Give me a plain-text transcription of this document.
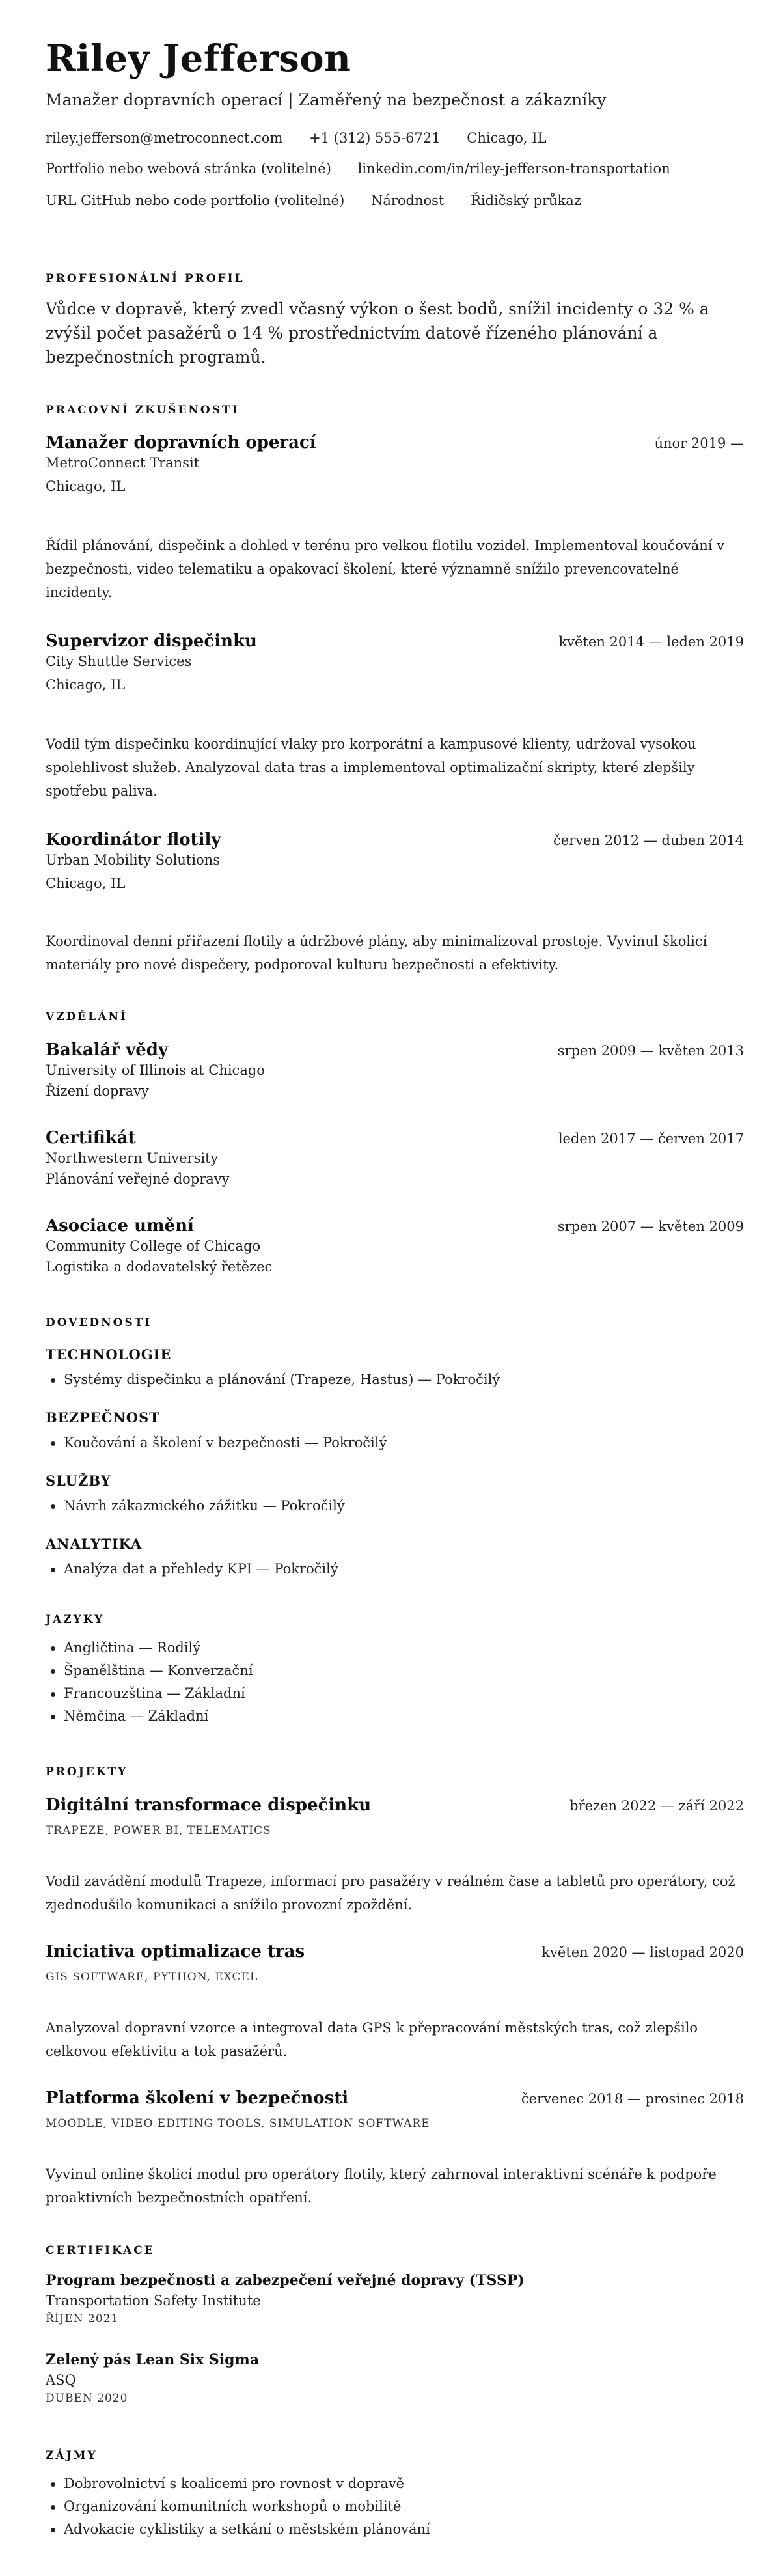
Riley Jefferson
Manažer dopravních operací | Zaměřený na bezpečnost a zákazníky
riley.jefferson@metroconnect.com +1 (312) 555-6721 Chicago, IL
Portfolio nebo webová stránka (volitelné) linkedin.com/in/riley-jefferson-transportation
URL GitHub nebo code portfolio (volitelné) Národnost Řidičský průkaz
PROFESIONÁLNÍ PROFIL

Vůdce v dopravě, který zvedl včasný výkon o šest bodů, snížil incidenty o 32 % a zvýšil počet pasažérů o 14 % prostřednictvím datově řízeného plánování a bezpečnostních programů.

PRACOVNÍ ZKUŠENOSTI
Manažer dopravních operací	únor 2019 —
MetroConnect Transit
Chicago, IL

Řídil plánování, dispečink a dohled v terénu pro velkou flotilu vozidel. Implementoval koučování v bezpečnosti, video telematiku a opakovací školení, které významně snížilo prevencovatelné incidenty.

Supervizor dispečinku	květen 2014 — leden 2019
City Shuttle Services
Chicago, IL

Vodil tým dispečinku koordinující vlaky pro korporátní a kampusové klienty, udržoval vysokou spolehlivost služeb. Analyzoval data tras a implementoval optimalizační skripty, které zlepšily spotřebu paliva.

Koordinátor flotily	červen 2012 — duben 2014
Urban Mobility Solutions
Chicago, IL

Koordinoval denní přiřazení flotily a údržbové plány, aby minimalizoval prostoje. Vyvinul školicí materiály pro nové dispečery, podporoval kulturu bezpečnosti a efektivity.

VZDĚLÁNÍ
Bakalář vědy	srpen 2009 — květen 2013
University of Illinois at Chicago
Řízení dopravy
Certifikát	leden 2017 — červen 2017
Northwestern University
Plánování veřejné dopravy
Asociace umění	srpen 2007 — květen 2009
Community College of Chicago
Logistika a dodavatelský řetězec
DOVEDNOSTI
TECHNOLOGIE
Systémy dispečinku a plánování (Trapeze, Hastus) — Pokročilý
BEZPEČNOST
Koučování a školení v bezpečnosti — Pokročilý
SLUŽBY
Návrh zákaznického zážitku — Pokročilý
ANALYTIKA
Analýza dat a přehledy KPI — Pokročilý
JAZYKY
Angličtina — Rodilý
Španělština — Konverzační
Francouzština — Základní
Němčina — Základní
PROJEKTY
Digitální transformace dispečinku	březen 2022 — září 2022
TRAPEZE, POWER BI, TELEMATICS

Vodil zavádění modulů Trapeze, informací pro pasažéry v reálném čase a tabletů pro operátory, což zjednodušilo komunikaci a snížilo provozní zpoždění.

Iniciativa optimalizace tras	květen 2020 — listopad 2020
GIS SOFTWARE, PYTHON, EXCEL

Analyzoval dopravní vzorce a integroval data GPS k přepracování městských tras, což zlepšilo celkovou efektivitu a tok pasažérů.

Platforma školení v bezpečnosti	červenec 2018 — prosinec 2018
MOODLE, VIDEO EDITING TOOLS, SIMULATION SOFTWARE

Vyvinul online školicí modul pro operátory flotily, který zahrnoval interaktivní scénáře k podpoře proaktivních bezpečnostních opatření.

CERTIFIKACE
Program bezpečnosti a zabezpečení veřejné dopravy (TSSP)
Transportation Safety Institute
ŘÍJEN 2021
Zelený pás Lean Six Sigma
ASQ
DUBEN 2020
ZÁJMY
Dobrovolnictví s koalicemi pro rovnost v dopravě
Organizování komunitních workshopů o mobilitě
Advokacie cyklistiky a setkání o městském plánování
